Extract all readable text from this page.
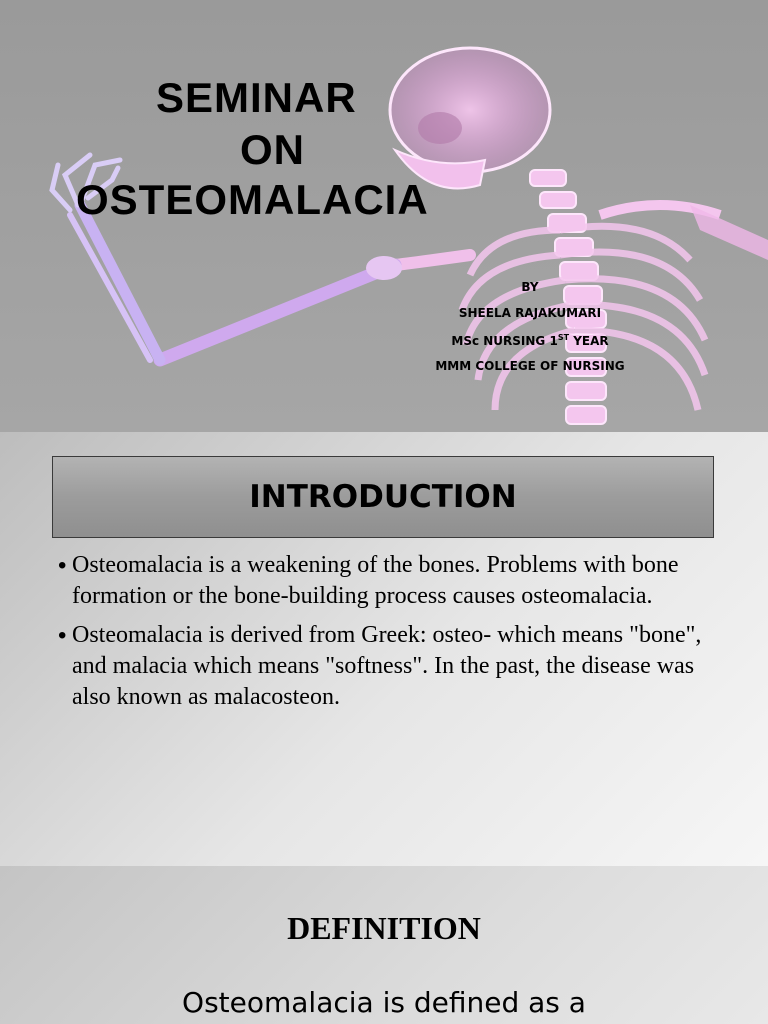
SEMINAR
ON
OSTEOMALACIA
BY
SHEELA RAJAKUMARI
MSc NURSING 1ST YEAR
MMM COLLEGE OF NURSING
INTRODUCTION
• Osteomalacia is a weakening of the bones. Problems with bone formation or the bone-building process causes osteomalacia.
• Osteomalacia is derived from Greek: osteo- which means "bone", and malacia which means "softness". In the past, the disease was also known as malacosteon.
DEFINITION
Osteomalacia is defined as a
